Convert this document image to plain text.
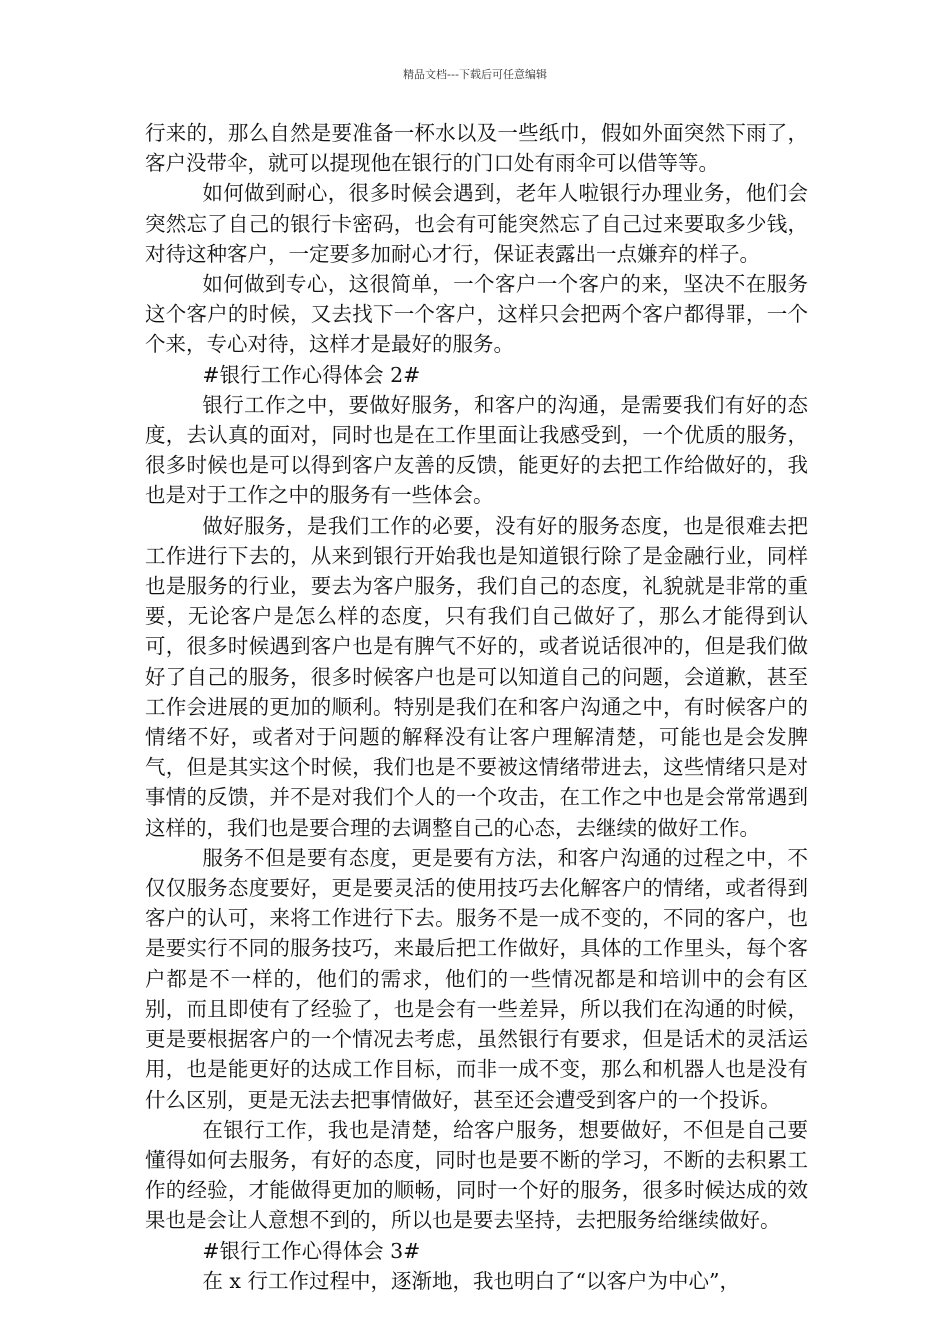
精品文档---下载后可任意编辑

行来的，那么自然是要准备一杯水以及一些纸巾，假如外面突然下雨了，客户没带伞，就可以提现他在银行的门口处有雨伞可以借等等。

如何做到耐心，很多时候会遇到，老年人啦银行办理业务，他们会突然忘了自己的银行卡密码，也会有可能突然忘了自己过来要取多少钱，对待这种客户，一定要多加耐心才行，保证表露出一点嫌弃的样子。

如何做到专心，这很简单，一个客户一个客户的来，坚决不在服务这个客户的时候，又去找下一个客户，这样只会把两个客户都得罪，一个个来，专心对待，这样才是最好的服务。

#银行工作心得体会 2#

银行工作之中，要做好服务，和客户的沟通，是需要我们有好的态度，去认真的面对，同时也是在工作里面让我感受到，一个优质的服务，很多时候也是可以得到客户友善的反馈，能更好的去把工作给做好的，我也是对于工作之中的服务有一些体会。

做好服务，是我们工作的必要，没有好的服务态度，也是很难去把工作进行下去的，从来到银行开始我也是知道银行除了是金融行业，同样也是服务的行业，要去为客户服务，我们自己的态度，礼貌就是非常的重要，无论客户是怎么样的态度，只有我们自己做好了，那么才能得到认可，很多时候遇到客户也是有脾气不好的，或者说话很冲的，但是我们做好了自己的服务，很多时候客户也是可以知道自己的问题，会道歉，甚至工作会进展的更加的顺利。特别是我们在和客户沟通之中，有时候客户的情绪不好，或者对于问题的解释没有让客户理解清楚，可能也是会发脾气，但是其实这个时候，我们也是不要被这情绪带进去，这些情绪只是对事情的反馈，并不是对我们个人的一个攻击，在工作之中也是会常常遇到这样的，我们也是要合理的去调整自己的心态，去继续的做好工作。

服务不但是要有态度，更是要有方法，和客户沟通的过程之中，不仅仅服务态度要好，更是要灵活的使用技巧去化解客户的情绪，或者得到客户的认可，来将工作进行下去。服务不是一成不变的，不同的客户，也是要实行不同的服务技巧，来最后把工作做好，具体的工作里头，每个客户都是不一样的，他们的需求，他们的一些情况都是和培训中的会有区别，而且即使有了经验了，也是会有一些差异，所以我们在沟通的时候，更是要根据客户的一个情况去考虑，虽然银行有要求，但是话术的灵活运用，也是能更好的达成工作目标，而非一成不变，那么和机器人也是没有什么区别，更是无法去把事情做好，甚至还会遭受到客户的一个投诉。

在银行工作，我也是清楚，给客户服务，想要做好，不但是自己要懂得如何去服务，有好的态度，同时也是要不断的学习，不断的去积累工作的经验，才能做得更加的顺畅，同时一个好的服务，很多时候达成的效果也是会让人意想不到的，所以也是要去坚持，去把服务给继续做好。

#银行工作心得体会 3#

在 x 行工作过程中，逐渐地，我也明白了“以客户为中心”，
